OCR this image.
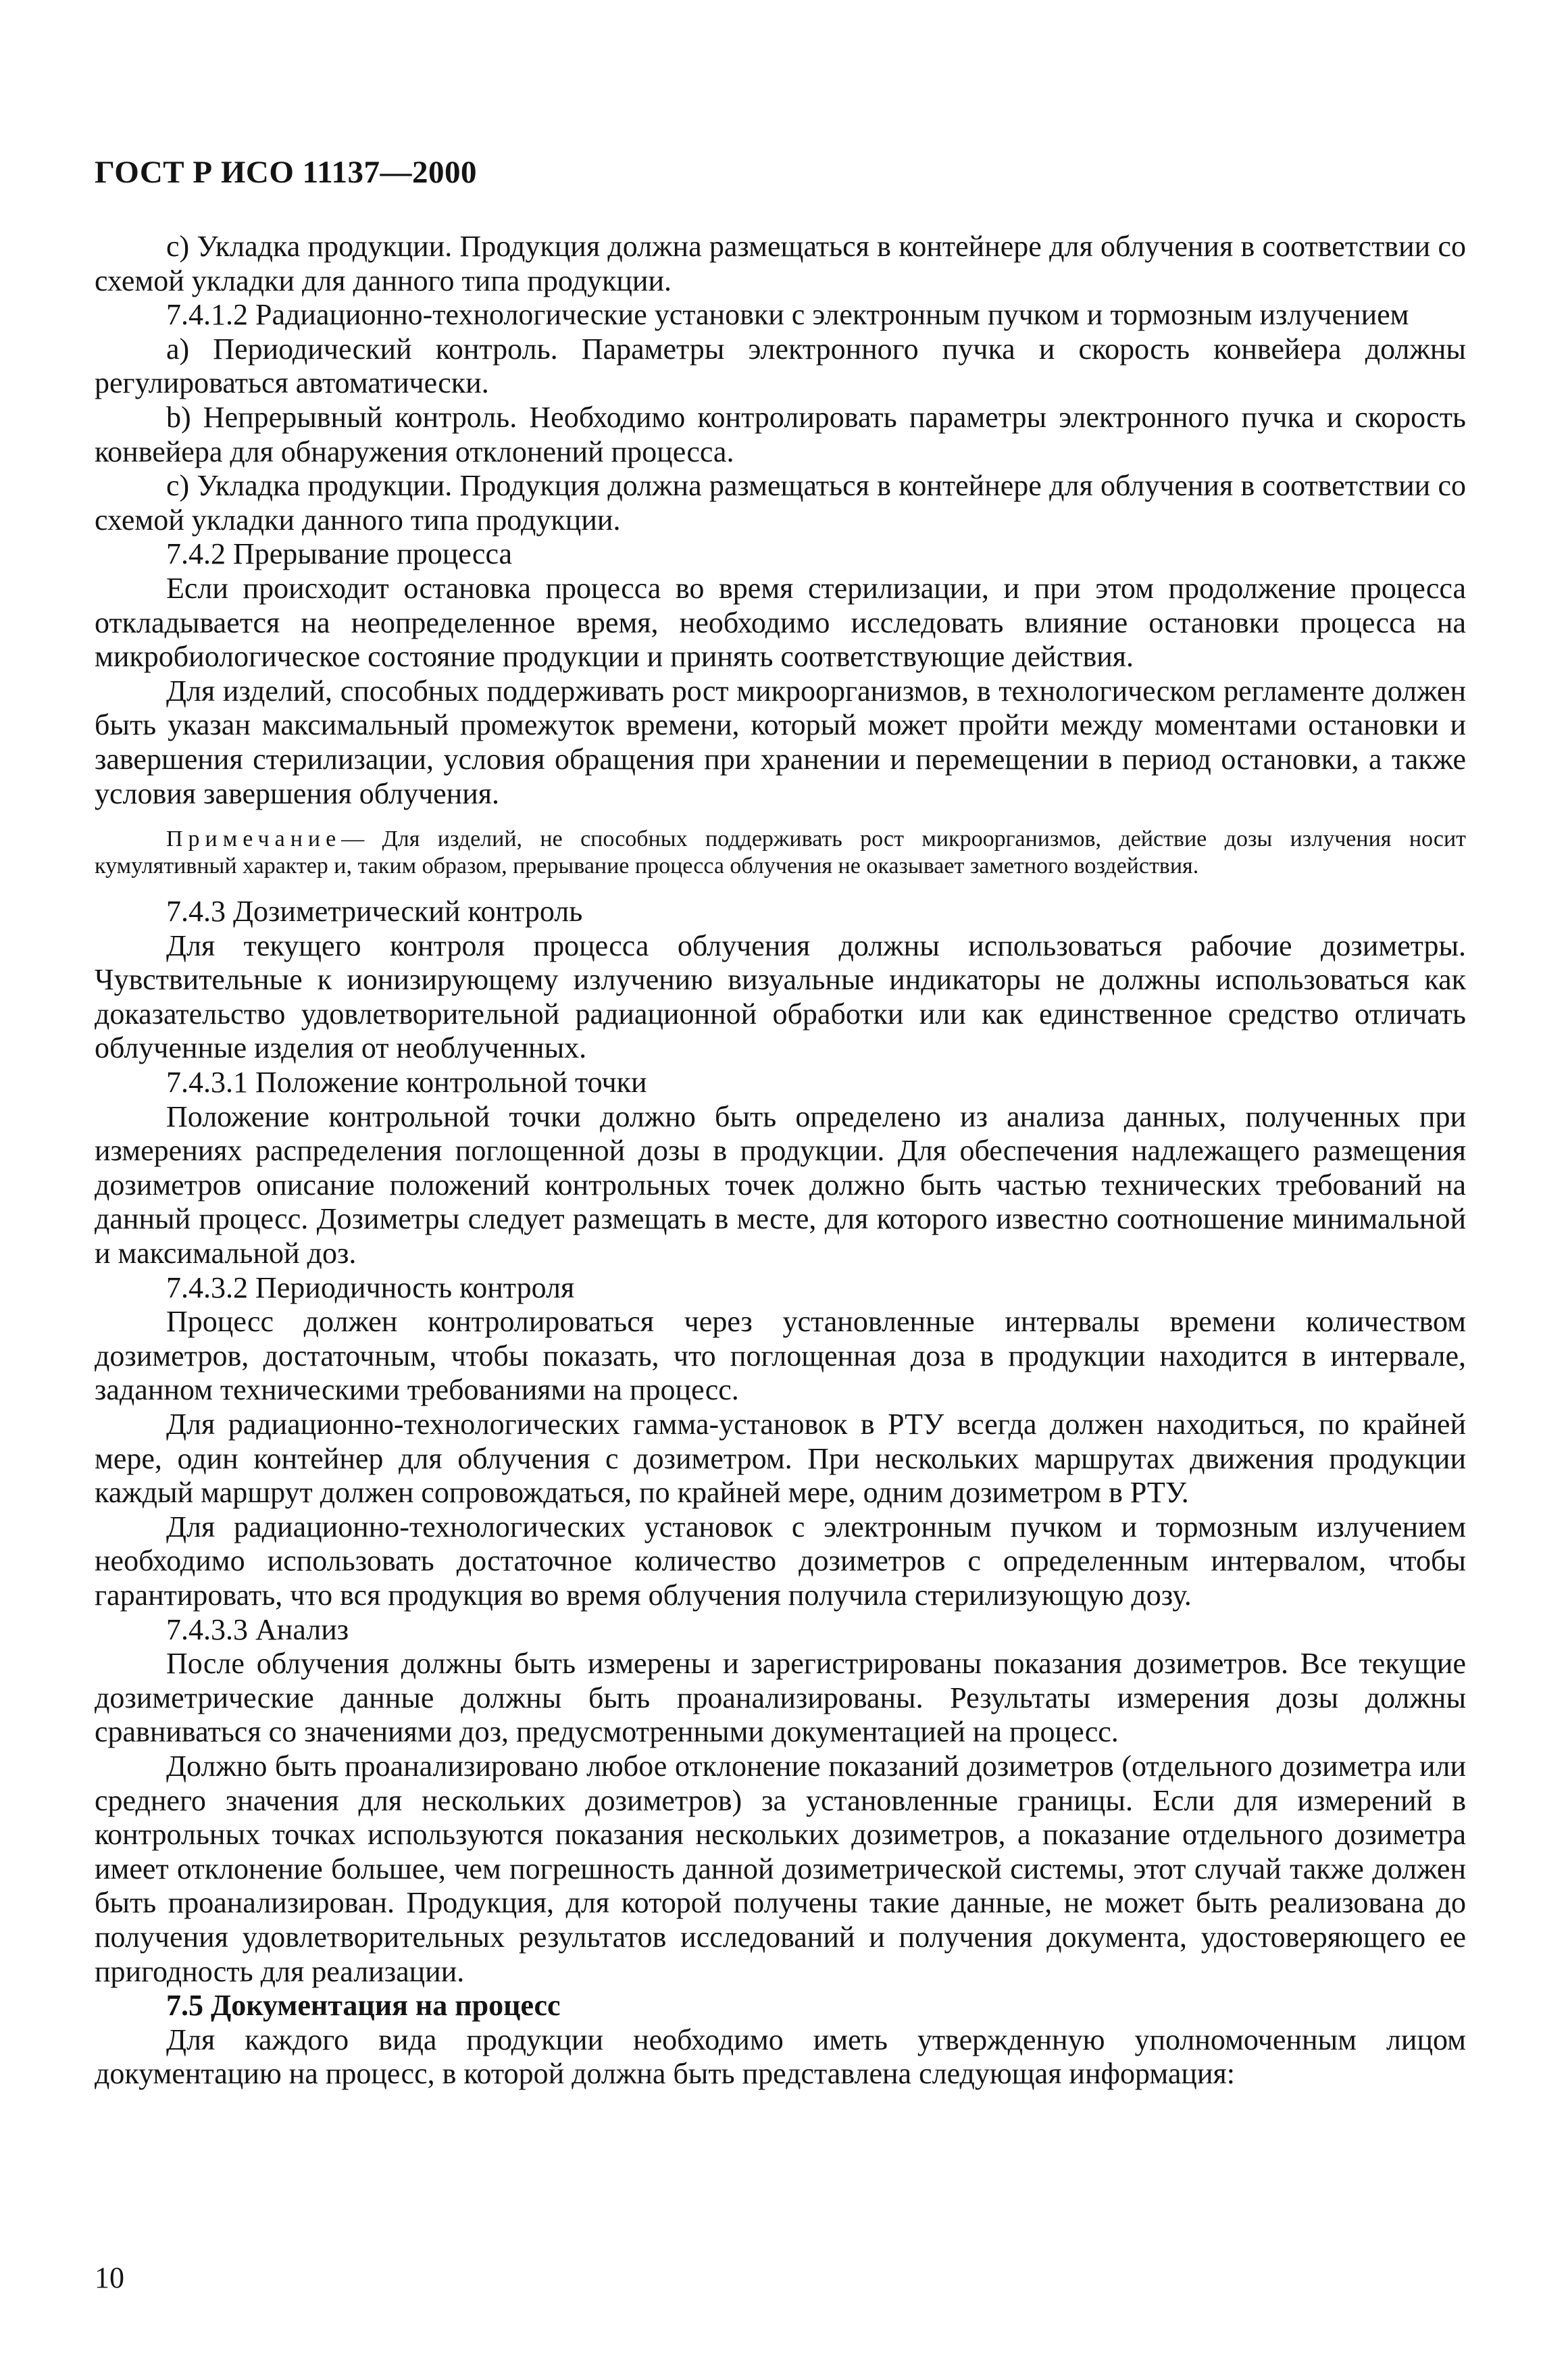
ГОСТ Р ИСО 11137—2000

c) Укладка продукции. Продукция должна размещаться в контейнере для облучения в соответствии со схемой укладки для данного типа продукции.

7.4.1.2 Радиационно-технологические установки с электронным пучком и тормозным излучением

a) Периодический контроль. Параметры электронного пучка и скорость конвейера должны регулироваться автоматически.

b) Непрерывный контроль. Необходимо контролировать параметры электронного пучка и скорость конвейера для обнаружения отклонений процесса.

c) Укладка продукции. Продукция должна размещаться в контейнере для облучения в соответствии со схемой укладки данного типа продукции.

7.4.2 Прерывание процесса

Если происходит остановка процесса во время стерилизации, и при этом продолжение процесса откладывается на неопределенное время, необходимо исследовать влияние остановки процесса на микробиологическое состояние продукции и принять соответствующие действия.

Для изделий, способных поддерживать рост микроорганизмов, в технологическом регламенте должен быть указан максимальный промежуток времени, который может пройти между моментами остановки и завершения стерилизации, условия обращения при хранении и перемещении в период остановки, а также условия завершения облучения.

Примечание— Для изделий, не способных поддерживать рост микроорганизмов, действие дозы излучения носит кумулятивный характер и, таким образом, прерывание процесса облучения не оказывает заметного воздействия.

7.4.3 Дозиметрический контроль

Для текущего контроля процесса облучения должны использоваться рабочие дозиметры. Чувствительные к ионизирующему излучению визуальные индикаторы не должны использоваться как доказательство удовлетворительной радиационной обработки или как единственное средство отличать облученные изделия от необлученных.

7.4.3.1 Положение контрольной точки

Положение контрольной точки должно быть определено из анализа данных, полученных при измерениях распределения поглощенной дозы в продукции. Для обеспечения надлежащего размещения дозиметров описание положений контрольных точек должно быть частью технических требований на данный процесс. Дозиметры следует размещать в месте, для которого известно соотношение минимальной и максимальной доз.

7.4.3.2 Периодичность контроля

Процесс должен контролироваться через установленные интервалы времени количеством дозиметров, достаточным, чтобы показать, что поглощенная доза в продукции находится в интервале, заданном техническими требованиями на процесс.

Для радиационно-технологических гамма-установок в РТУ всегда должен находиться, по крайней мере, один контейнер для облучения с дозиметром. При нескольких маршрутах движения продукции каждый маршрут должен сопровождаться, по крайней мере, одним дозиметром в РТУ.

Для радиационно-технологических установок с электронным пучком и тормозным излучением необходимо использовать достаточное количество дозиметров с определенным интервалом, чтобы гарантировать, что вся продукция во время облучения получила стерилизующую дозу.

7.4.3.3 Анализ

После облучения должны быть измерены и зарегистрированы показания дозиметров. Все текущие дозиметрические данные должны быть проанализированы. Результаты измерения дозы должны сравниваться со значениями доз, предусмотренными документацией на процесс.

Должно быть проанализировано любое отклонение показаний дозиметров (отдельного дозиметра или среднего значения для нескольких дозиметров) за установленные границы. Если для измерений в контрольных точках используются показания нескольких дозиметров, а показание отдельного дозиметра имеет отклонение большее, чем погрешность данной дозиметрической системы, этот случай также должен быть проанализирован. Продукция, для которой получены такие данные, не может быть реализована до получения удовлетворительных результатов исследований и получения документа, удостоверяющего ее пригодность для реализации.

7.5 Документация на процесс

Для каждого вида продукции необходимо иметь утвержденную уполномоченным лицом документацию на процесс, в которой должна быть представлена следующая информация:

10
